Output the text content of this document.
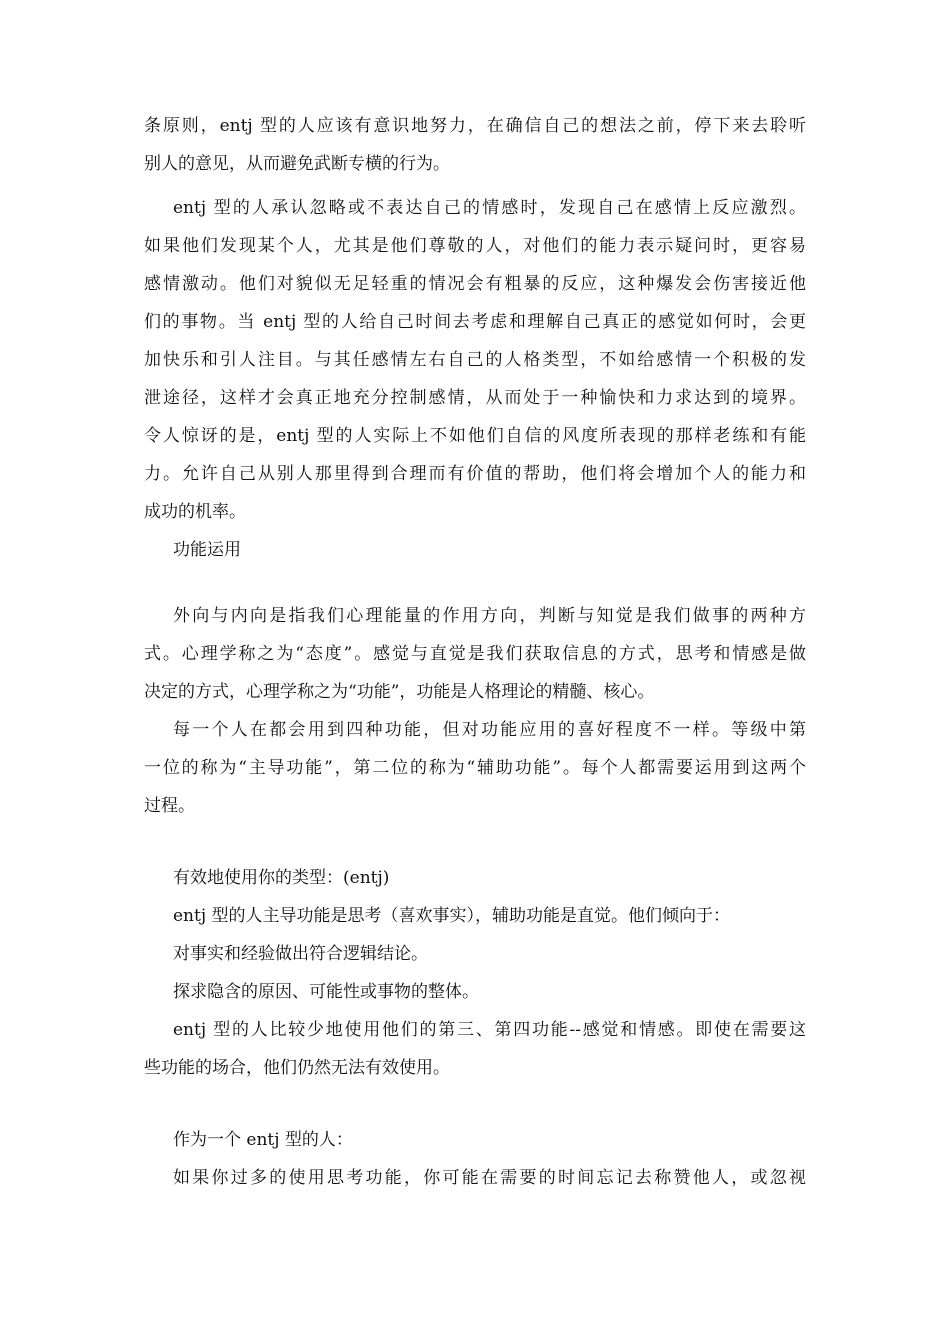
条原则，entj 型的人应该有意识地努力，在确信自己的想法之前，停下来去聆听
别人的意见，从而避免武断专横的行为。
entj 型的人承认忽略或不表达自己的情感时，发现自己在感情上反应激烈。
如果他们发现某个人，尤其是他们尊敬的人，对他们的能力表示疑问时，更容易
感情激动。他们对貌似无足轻重的情况会有粗暴的反应，这种爆发会伤害接近他
们的事物。当 entj 型的人给自己时间去考虑和理解自己真正的感觉如何时，会更
加快乐和引人注目。与其任感情左右自己的人格类型，不如给感情一个积极的发
泄途径，这样才会真正地充分控制感情，从而处于一种愉快和力求达到的境界。
令人惊讶的是，entj 型的人实际上不如他们自信的风度所表现的那样老练和有能
力。允许自己从别人那里得到合理而有价值的帮助，他们将会增加个人的能力和
成功的机率。
功能运用
外向与内向是指我们心理能量的作用方向，判断与知觉是我们做事的两种方
式。心理学称之为“态度”。感觉与直觉是我们获取信息的方式，思考和情感是做
决定的方式，心理学称之为“功能”，功能是人格理论的精髓、核心。
每一个人在都会用到四种功能，但对功能应用的喜好程度不一样。等级中第
一位的称为“主导功能”，第二位的称为“辅助功能”。每个人都需要运用到这两个
过程。
有效地使用你的类型：(entj)
entj 型的人主导功能是思考（喜欢事实），辅助功能是直觉。他们倾向于：
对事实和经验做出符合逻辑结论。
探求隐含的原因、可能性或事物的整体。
entj 型的人比较少地使用他们的第三、第四功能--感觉和情感。即使在需要这
些功能的场合，他们仍然无法有效使用。
作为一个 entj 型的人：
如果你过多的使用思考功能，你可能在需要的时间忘记去称赞他人，或忽视
